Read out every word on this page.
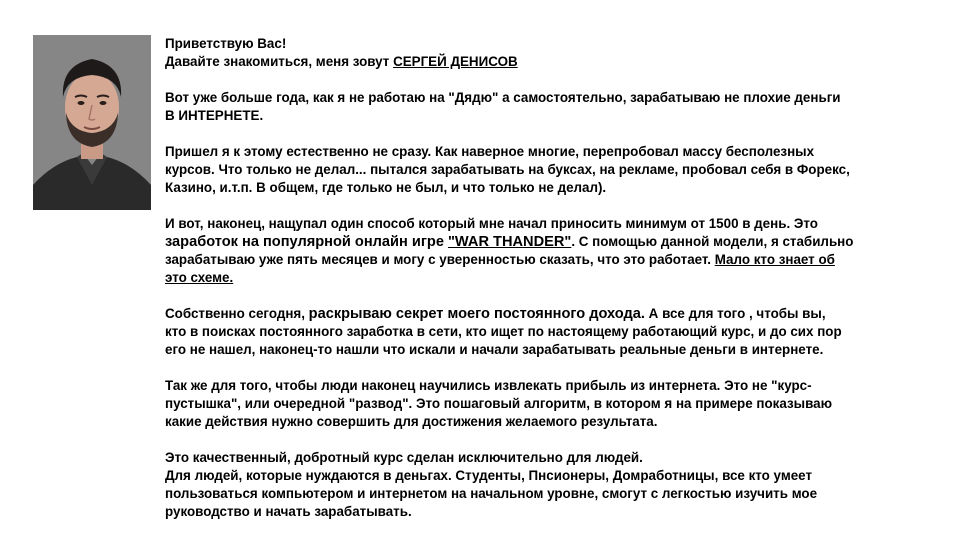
Приветствую Вас!
Давайте знакомиться, меня зовут СЕРГЕЙ ДЕНИСОВ

Вот уже больше года, как я не работаю на "Дядю" а самостоятельно, зарабатываю не плохие деньги
В ИНТЕРНЕТЕ.

Пришел я к этому естественно не сразу. Как наверное многие, перепробовал массу бесполезных
курсов. Что только не делал... пытался зарабатывать на буксах, на рекламе, пробовал себя в Форекс,
Казино, и.т.п. В общем, где только не был, и что только не делал).

И вот, наконец, нащупал один способ который мне начал приносить минимум от 1500 в день. Это
заработок на популярной онлайн игре "WAR THANDER". С помощью данной модели, я стабильно
зарабатываю уже пять месяцев и могу с уверенностью сказать, что это работает. Мало кто знает об
это схеме.

Собственно сегодня, раскрываю секрет моего постоянного дохода. А все для того , чтобы вы,
кто в поисках постоянного заработка в сети, кто ищет по настоящему работающий курс, и до сих пор
его не нашел, наконец-то нашли что искали и начали зарабатывать реальные деньги в интернете.

Так же для того, чтобы люди наконец научились извлекать прибыль из интернета. Это не "курс-
пустышка", или очередной "развод". Это пошаговый алгоритм, в котором я на примере показываю
какие действия нужно совершить для достижения желаемого результата.

Это качественный, добротный курс сделан исключительно для людей.
Для людей, которые нуждаются в деньгах. Студенты, Пнсионеры, Домработницы, все кто умеет
пользоваться компьютером и интернетом на начальном уровне, смогут с легкостью изучить мое
руководство и начать зарабатывать.
